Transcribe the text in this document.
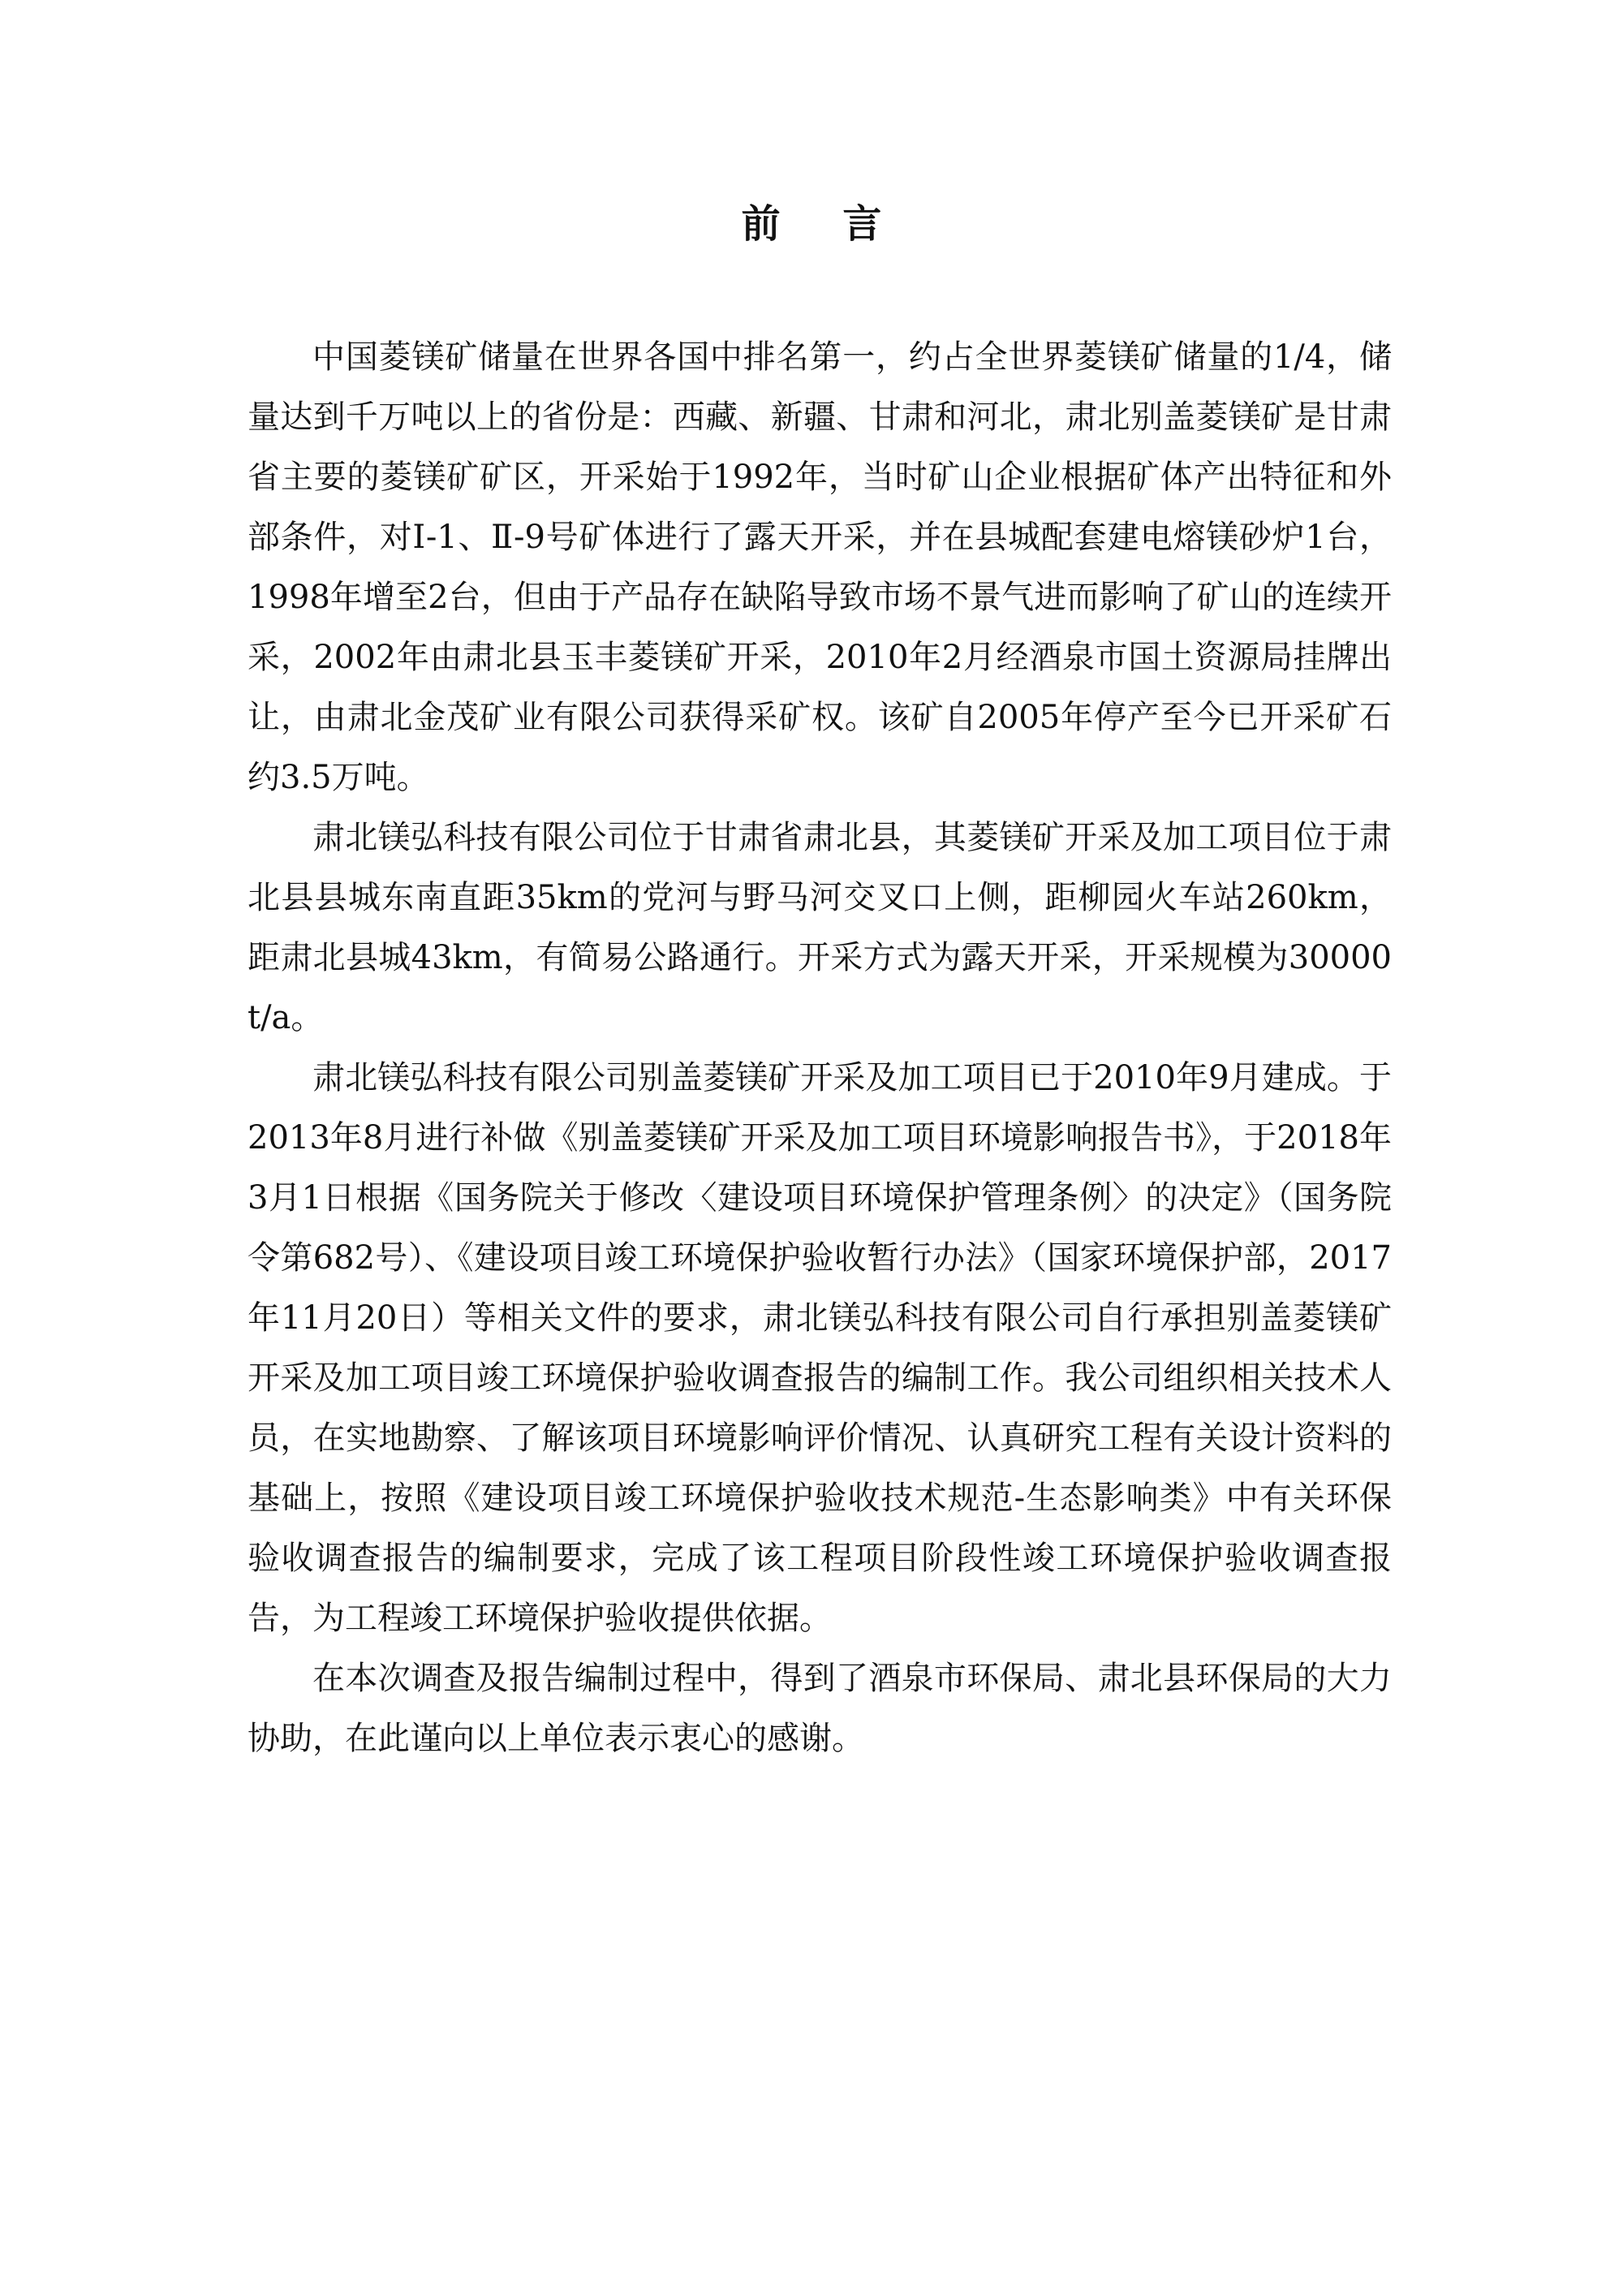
前 言

中国菱镁矿储量在世界各国中排名第一，约占全世界菱镁矿储量的1/4，储量达到千万吨以上的省份是：西藏、新疆、甘肃和河北，肃北别盖菱镁矿是甘肃省主要的菱镁矿矿区，开采始于1992年，当时矿山企业根据矿体产出特征和外部条件，对Ⅰ-1、Ⅱ-9号矿体进行了露天开采，并在县城配套建电熔镁砂炉1台，1998年增至2台，但由于产品存在缺陷导致市场不景气进而影响了矿山的连续开采，2002年由肃北县玉丰菱镁矿开采，2010年2月经酒泉市国土资源局挂牌出让，由肃北金茂矿业有限公司获得采矿权。该矿自2005年停产至今已开采矿石约3.5万吨。

肃北镁弘科技有限公司位于甘肃省肃北县，其菱镁矿开采及加工项目位于肃北县县城东南直距35km的党河与野马河交叉口上侧，距柳园火车站260km，距肃北县城43km，有简易公路通行。开采方式为露天开采，开采规模为30000t/a。

肃北镁弘科技有限公司别盖菱镁矿开采及加工项目已于2010年9月建成。于2013年8月进行补做《别盖菱镁矿开采及加工项目环境影响报告书》，于2018年3月1日根据《国务院关于修改〈建设项目环境保护管理条例〉的决定》（国务院令第682号）、《建设项目竣工环境保护验收暂行办法》（国家环境保护部，2017年11月20日）等相关文件的要求，肃北镁弘科技有限公司自行承担别盖菱镁矿开采及加工项目竣工环境保护验收调查报告的编制工作。我公司组织相关技术人员，在实地勘察、了解该项目环境影响评价情况、认真研究工程有关设计资料的基础上，按照《建设项目竣工环境保护验收技术规范-生态影响类》中有关环保验收调查报告的编制要求，完成了该工程项目阶段性竣工环境保护验收调查报告，为工程竣工环境保护验收提供依据。

在本次调查及报告编制过程中，得到了酒泉市环保局、肃北县环保局的大力协助，在此谨向以上单位表示衷心的感谢。
